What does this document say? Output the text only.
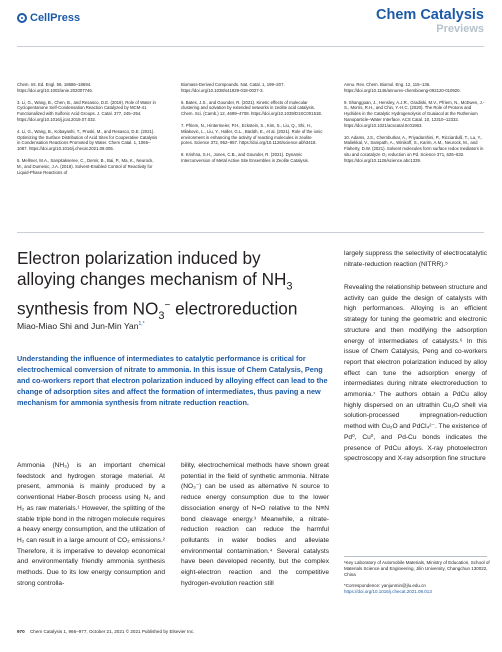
CellPress	Chem Catalysis
Previews
Chem. Int. Ed. Engl. 59, 18686–18694. https://doi.org/10.1002/anie.202007746.
3. Li, G., Wang, B., Chen, B., and Resasco, D.E. (2019). Role of Water in Cyclopentanone Self-Condensation Reaction Catalyzed by MCM-41 Functionalized with Sulfonic Acid Groups. J. Catal. 377, 245–254. https://doi.org/10.1016/j.jcat.2019.07.032.
4. Li, G., Wang, B., Kobayashi, T., Pruski, M., and Resasco, D.E. (2021). Optimizing the Surface Distribution of Acid Sites for Cooperative Catalysis in Condensation Reactions Promoted by Water. Chem Catal. 1, 1065–1087. https://doi.org/10.1016/j.checat.2021.08.005.
5. Mellmer, M.A., Sanpitakseree, C., Demir, B., Bai, P., Ma, K., Neurock, M., and Dumesic, J.A. (2018). Solvent-Enabled Control of Reactivity for Liquid-Phase Reactions of
Biomass-Derived Compounds. Nat. Catal. 1, 199–207. https://doi.org/10.1038/s41929-018-0027-3.
6. Bates, J.S., and Gounder, R. (2021). Kinetic effects of molecular clustering and solvation by extended networks in zeolite acid catalysis. Chem. Sci. (Camb.) 12, 4699–4708. https://doi.org/10.1039/D1SC00151E.
7. Pfriem, N., Hintermeier, P.H., Eckstein, S., Kim, S., Liu, Q., Shi, H., Milakovic, L., Liu, Y., Haller, G.L., Baráth, E., et al. (2021). Role of the ionic environment in enhancing the activity of reacting molecules in zeolite pores. Science 372, 952–957. https://doi.org/10.1126/science.abh3418.
8. Krishna, S.H., Jones, C.B., and Gounder, R. (2021). Dynamic Interconversion of Metal Active Site Ensembles in Zeolite Catalysis.
Annu. Rev. Chem. Biomol. Eng. 12, 115–136. https://doi.org/10.1146/annurev-chembioeng-092120-010920.
9. Shangguan, J., Hensley, A.J.R., Gradiski, M.V., Pfriem, N., McEwen, J.-S., Morris, R.H., and Chin, Y.-H.C. (2020). The Role of Protons and Hydrides in the Catalytic Hydrogenolysis of Guaiacol at the Ruthenium Nanoparticle–Water Interface. ACS Catal. 10, 12310–12332. https://doi.org/10.1021/acscatal.0c01963.
10. Adams, J.S., Chemburkar, A., Priyadarshini, P., Ricciardulli, T., Lu, Y., Maliekkal, V., Sampath, A., Winikoff, S., Karim, A.M., Neurock, M., and Flaherty, D.W. (2021). Solvent molecules form surface redox mediators in situ and cocatalyze O₂ reduction on Pd. Science 371, 626–632. https://doi.org/10.1126/science.abc1339.
Electron polarization induced by alloying changes mechanism of $NH_3$ synthesis from $NO_3^-$ electroreduction
Miao-Miao Shi and Jun-Min Yan$^{1,*}$
Understanding the influence of intermediates to catalytic performance is critical for electrochemical conversion of nitrate to ammonia. In this issue of Chem Catalysis, Peng and co-workers report that electron polarization induced by alloying effect can lead to the change of adsorption sites and affect the formation of intermediates, thus paving a new mechanism for ammonia synthesis from nitrate reduction reaction.
Ammonia (NH₃) is an important chemical feedstock and hydrogen storage material. At present, ammonia is mainly produced by a conventional Haber-Bosch process using N₂ and H₂ as raw materials.¹ However, the splitting of the stable triple bond in the nitrogen molecule requires a heavy energy consumption, and the utilization of H₂ can result in a large amount of CO₂ emissions.² Therefore, it is imperative to develop economical and environmentally friendly ammonia synthesis methods. Due to its low energy consumption and strong controlla-
bility, electrochemical methods have shown great potential in the field of synthetic ammonia. Nitrate (NO₃⁻) can be used as alternative N source to reduce energy consumption due to the lower dissociation energy of N=O relative to the N≡N bond cleavage energy.³ Meanwhile, a nitrate-reduction reaction can reduce the harmful pollutants in water bodies and alleviate environmental contamination.⁴ Several catalysts have been developed recently, but the complex eight-electron reaction and the competitive hydrogen-evolution reaction still
largely suppress the selectivity of electrocatalytic nitrate-reduction reaction (NITRR).⁵
Revealing the relationship between structure and activity can guide the design of catalysts with high performances. Alloying is an efficient strategy for tuning the geometric and electronic structure and then modifying the adsorption energy of intermediates of catalysts.⁶ In this issue of Chem Catalysis, Peng and co-workers report that electron polarization induced by alloy effect can tune the adsorption energy of intermediates during nitrate electroreduction to ammonia.⁷ The authors obtain a PdCu alloy highly dispersed on an ultrathin Cu₂O shell via solution-processed impregnation-reduction method with Cu₂O and PdCl₄²⁻. The existence of Pd⁰, Cu⁰, and Pd-Cu bonds indicates the presence of PdCu alloys. X-ray photoelectron spectroscopy and X-ray adsorption fine structure
¹Key Laboratory of Automobile Materials, Ministry of Education, School of Materials Science and Engineering, Jilin University, Changchun 130022, China
*Correspondence: yanjunmin@jlu.edu.cn
https://doi.org/10.1016/j.checat.2021.09.013
970 Chem Catalysis 1, 966–977, October 21, 2021 © 2021 Published by Elsevier Inc.
